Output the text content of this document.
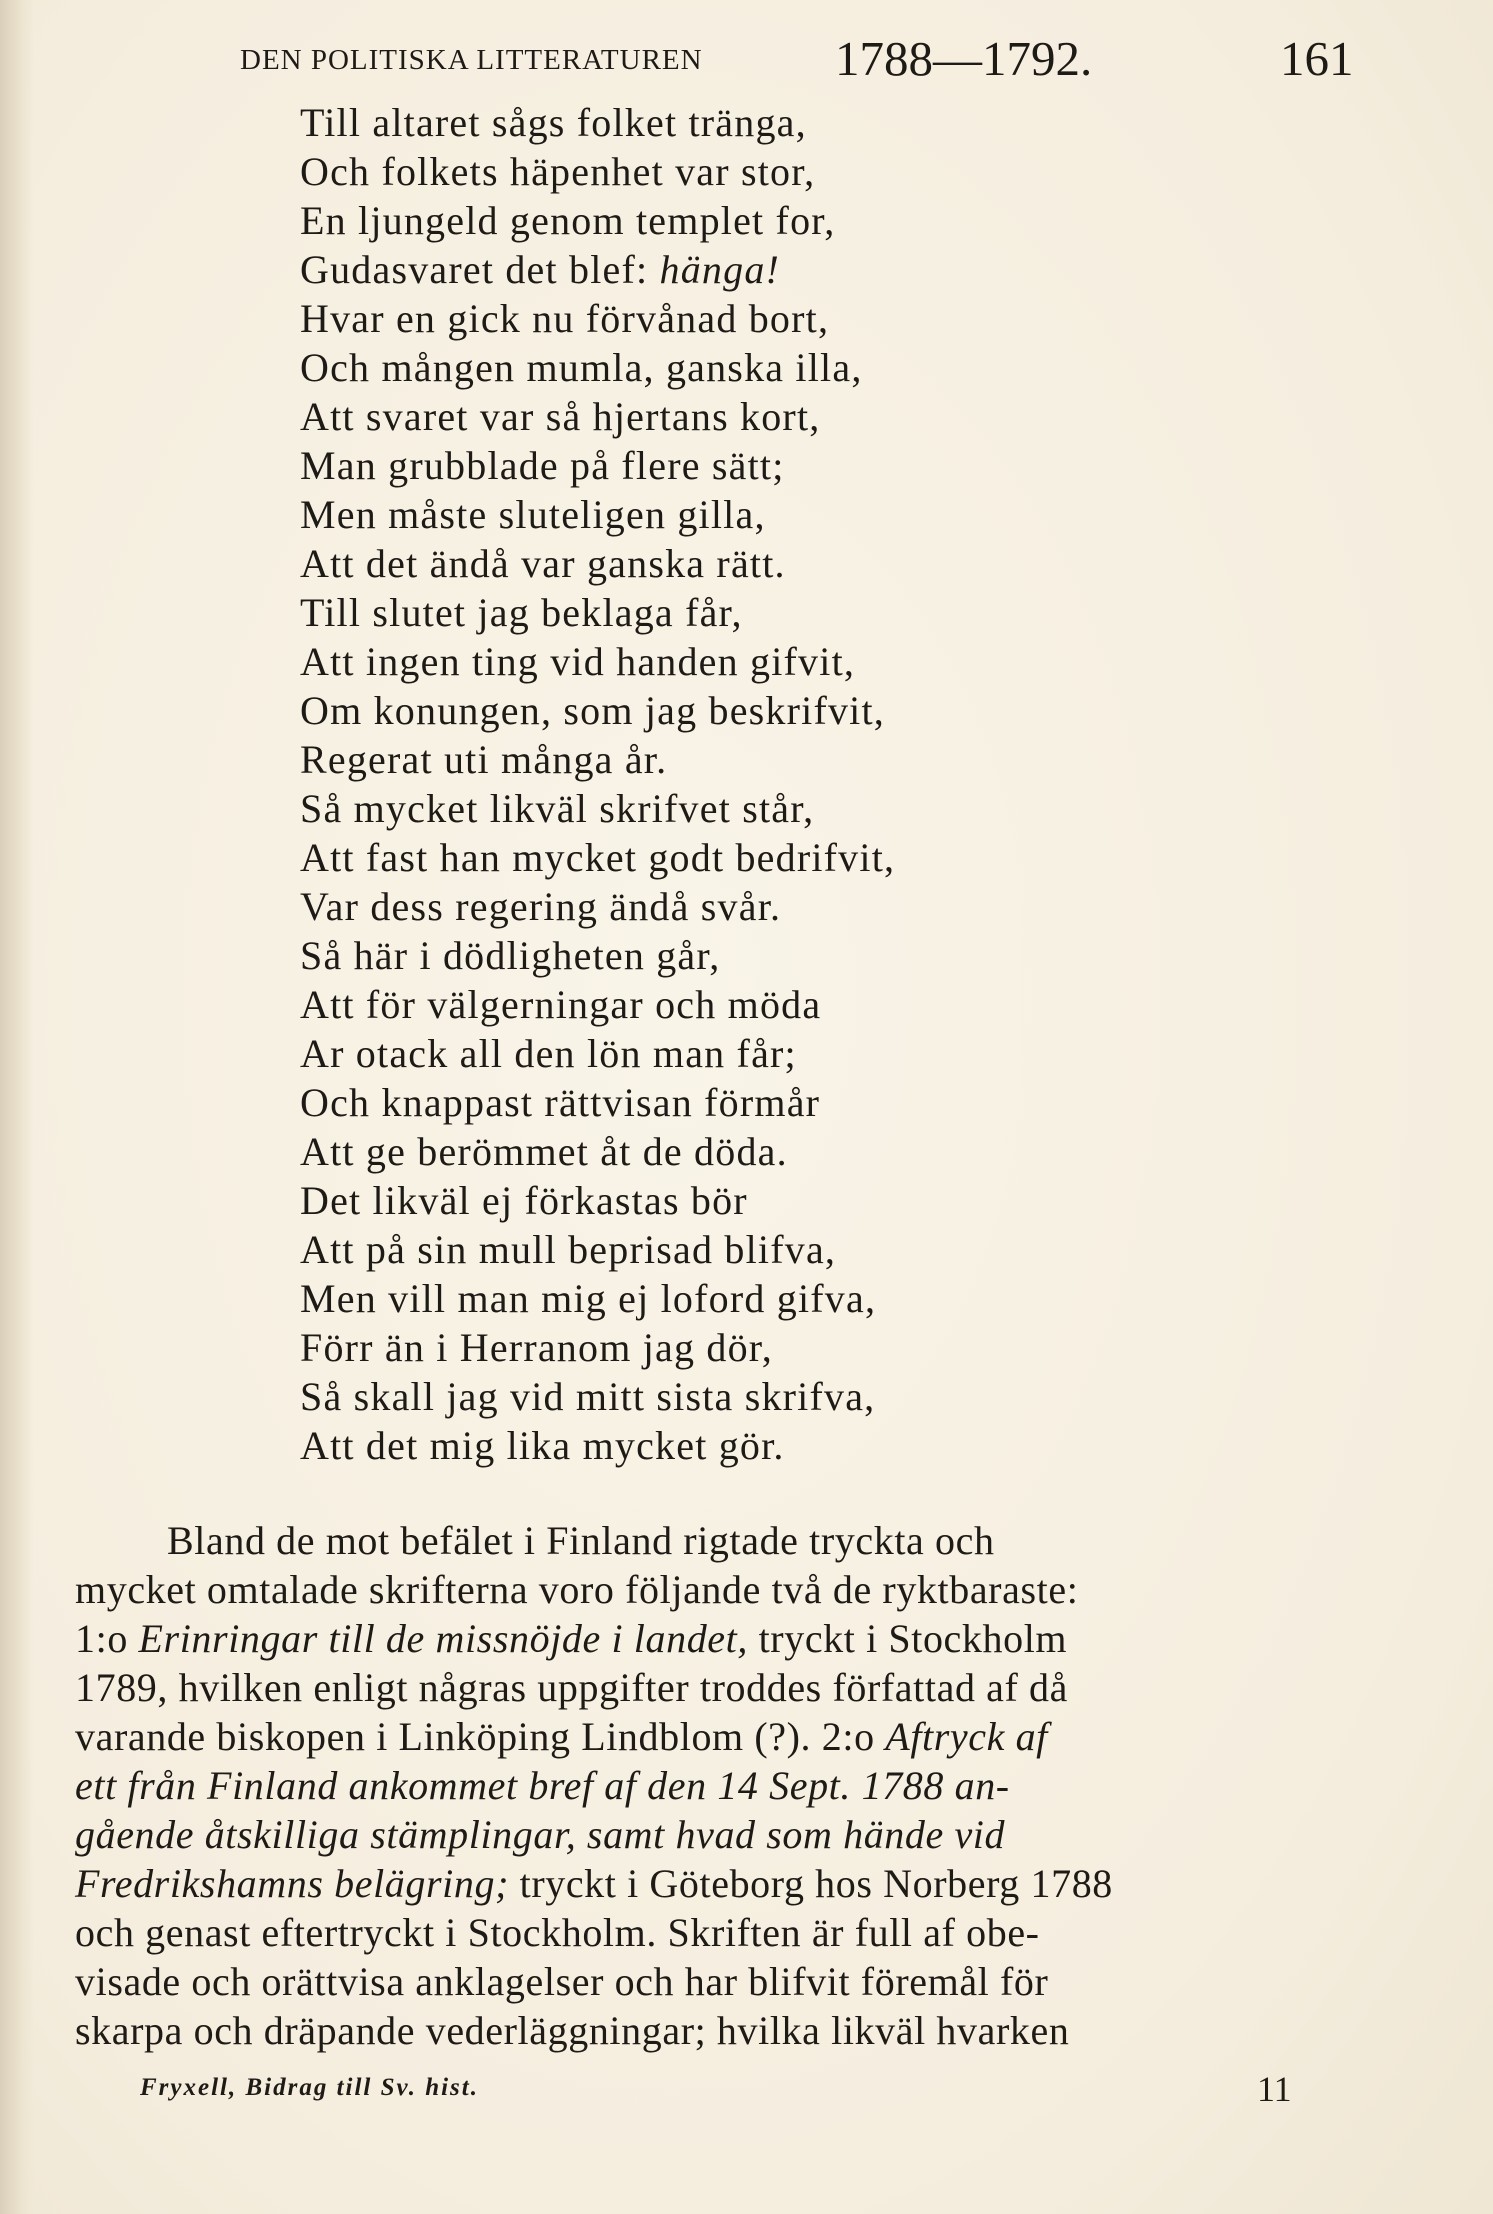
DEN POLITISKA LITTERATUREN	1788—1792.	161
Till altaret sågs folket tränga,
Och folkets häpenhet var stor,
En ljungeld genom templet for,
Gudasvaret det blef: hänga!
Hvar en gick nu förvånad bort,
Och mången mumla, ganska illa,
Att svaret var så hjertans kort,
Man grubblade på flere sätt;
Men måste sluteligen gilla,
Att det ändå var ganska rätt.
Till slutet jag beklaga får,
Att ingen ting vid handen gifvit,
Om konungen, som jag beskrifvit,
Regerat uti många år.
Så mycket likväl skrifvet står,
Att fast han mycket godt bedrifvit,
Var dess regering ändå svår.
Så här i dödligheten går,
Att för välgerningar och möda
Ar otack all den lön man får;
Och knappast rättvisan förmår
Att ge berömmet åt de döda.
Det likväl ej förkastas bör
Att på sin mull beprisad blifva,
Men vill man mig ej loford gifva,
Förr än i Herranom jag dör,
Så skall jag vid mitt sista skrifva,
Att det mig lika mycket gör.
Bland de mot befälet i Finland rigtade tryckta och
mycket omtalade skrifterna voro följande två de ryktbaraste:
1:o Erinringar till de missnöjde i landet, tryckt i Stockholm
1789, hvilken enligt någras uppgifter troddes författad af då
varande biskopen i Linköping Lindblom (?). 2:o Aftryck af
ett från Finland ankommet bref af den 14 Sept. 1788 an-
gående åtskilliga stämplingar, samt hvad som hände vid
Fredrikshamns belägring; tryckt i Göteborg hos Norberg 1788
och genast eftertryckt i Stockholm. Skriften är full af obe-
visade och orättvisa anklagelser och har blifvit föremål för
skarpa och dräpande vederläggningar; hvilka likväl hvarken
Fryxell, Bidrag till Sv. hist.	11
